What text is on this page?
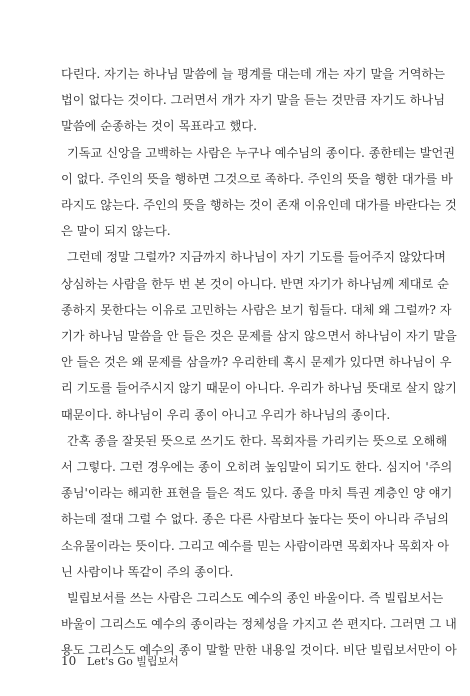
다린다. 자기는 하나님 말씀에 늘 평계를 대는데 개는 자기 말을 거역하는
법이 없다는 것이다. 그러면서 개가 자기 말을 듣는 것만큼 자기도 하나님
말씀에 순종하는 것이 목표라고 했다.
기독교 신앙을 고백하는 사람은 누구나 예수님의 종이다. 종한테는 발언권
이 없다. 주인의 뜻을 행하면 그것으로 족하다. 주인의 뜻을 행한 대가를 바
라지도 않는다. 주인의 뜻을 행하는 것이 존재 이유인데 대가를 바란다는 것
은 말이 되지 않는다.
그런데 정말 그럴까? 지금까지 하나님이 자기 기도를 들어주지 않았다며
상심하는 사람을 한두 번 본 것이 아니다. 반면 자기가 하나님께 제대로 순
종하지 못한다는 이유로 고민하는 사람은 보기 힘들다. 대체 왜 그럴까? 자
기가 하나님 말씀을 안 들은 것은 문제를 삼지 않으면서 하나님이 자기 말을
안 들은 것은 왜 문제를 삼을까? 우리한테 혹시 문제가 있다면 하나님이 우
리 기도를 들어주시지 않기 때문이 아니다. 우리가 하나님 뜻대로 살지 않기
때문이다. 하나님이 우리 종이 아니고 우리가 하나님의 종이다.
간혹 종을 잘못된 뜻으로 쓰기도 한다. 목회자를 가리키는 뜻으로 오해해
서 그렇다. 그런 경우에는 종이 오히려 높임말이 되기도 한다. 심지어 '주의
종님'이라는 해괴한 표현을 들은 적도 있다. 종을 마치 특권 계층인 양 얘기
하는데 절대 그럴 수 없다. 종은 다른 사람보다 높다는 뜻이 아니라 주님의
소유물이라는 뜻이다. 그리고 예수를 믿는 사람이라면 목회자나 목회자 아
닌 사람이나 똑같이 주의 종이다.
빌립보서를 쓰는 사람은 그리스도 예수의 종인 바울이다. 즉 빌립보서는
바울이 그리스도 예수의 종이라는 정체성을 가지고 쓴 편지다. 그러면 그 내
용도 그리스도 예수의 종이 말할 만한 내용일 것이다. 비단 빌립보서만이 아
10 Let's Go 빌립보서
